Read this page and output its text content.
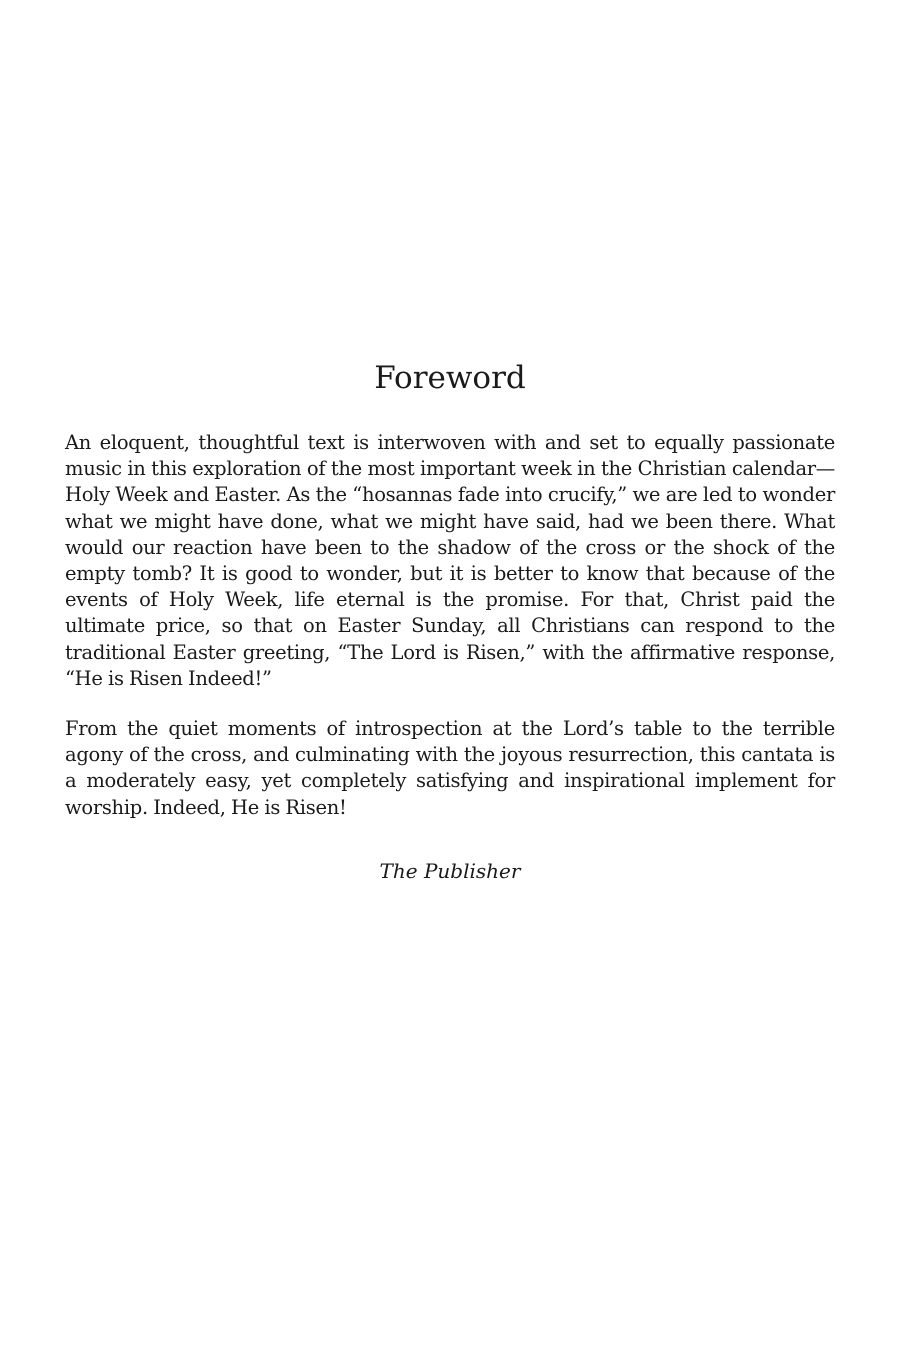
Foreword

An eloquent, thoughtful text is interwoven with and set to equally passionate music in this exploration of the most important week in the Christian calendar—Holy Week and Easter. As the “hosannas fade into crucify,” we are led to wonder what we might have done, what we might have said, had we been there. What would our reaction have been to the shadow of the cross or the shock of the empty tomb? It is good to wonder, but it is better to know that because of the events of Holy Week, life eternal is the promise. For that, Christ paid the ultimate price, so that on Easter Sunday, all Christians can respond to the traditional Easter greeting, “The Lord is Risen,” with the affirmative response, “He is Risen Indeed!”

From the quiet moments of introspection at the Lord’s table to the terrible agony of the cross, and culminating with the joyous resurrection, this cantata is a moderately easy, yet completely satisfying and inspirational implement for worship. Indeed, He is Risen!

The Publisher
